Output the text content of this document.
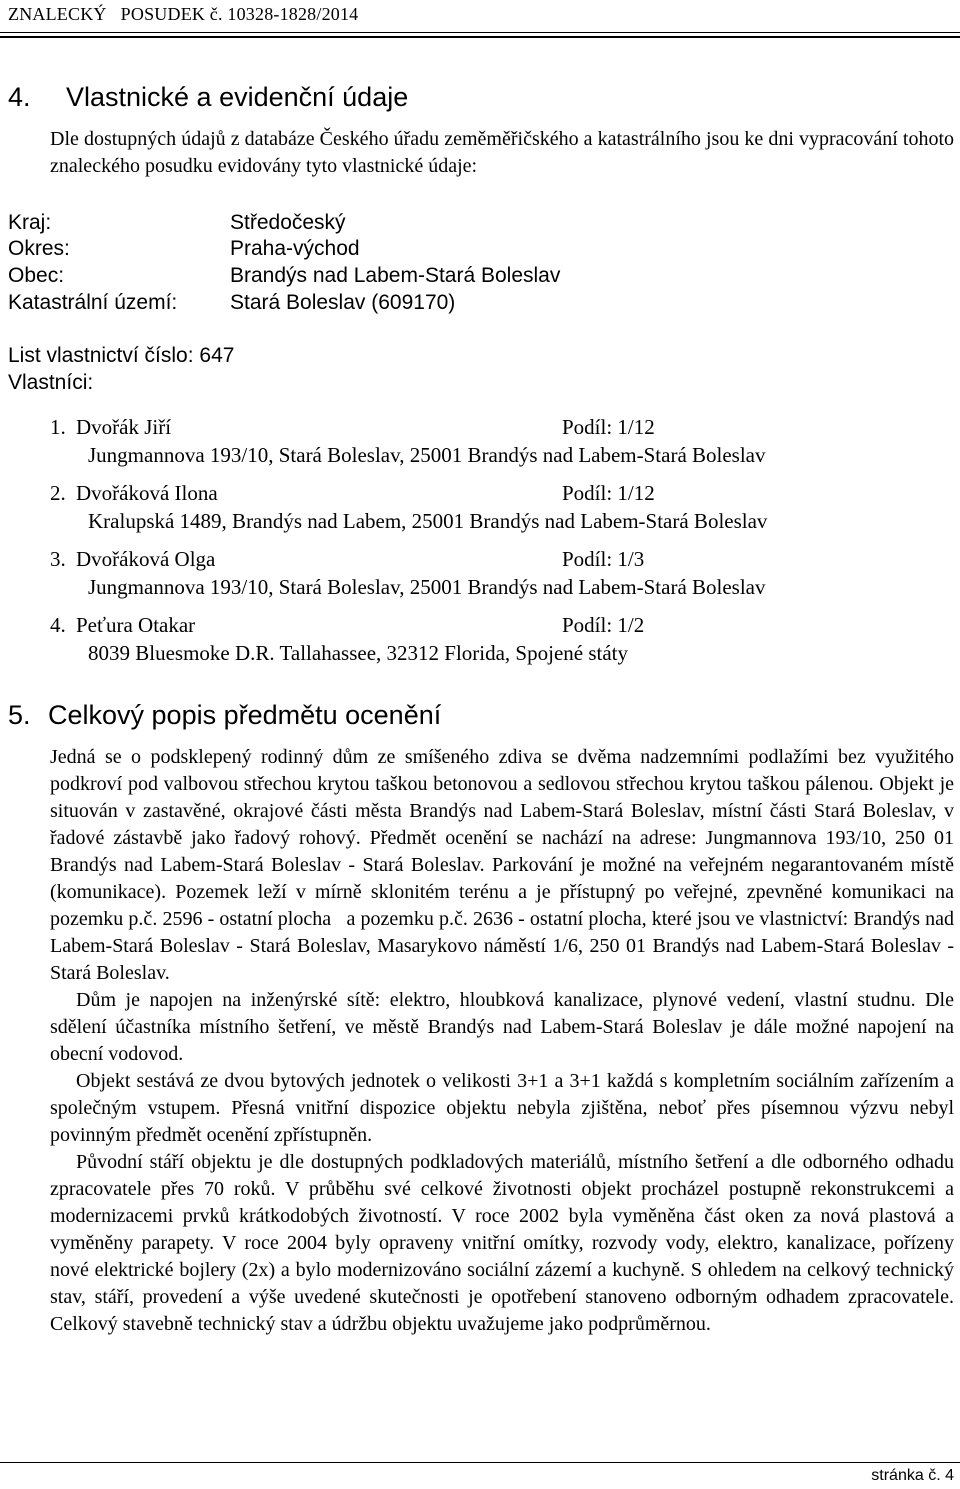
ZNALECKÝ   POSUDEK č. 10328-1828/2014
4. Vlastnické a evidenční údaje
Dle dostupných údajů z databáze Českého úřadu zeměměřičského a katastrálního jsou ke dni vypracování tohoto znaleckého posudku evidovány tyto vlastnické údaje:
Kraj:	Středočeský
Okres:	Praha-východ
Obec:	Brandýs nad Labem-Stará Boleslav
Katastrální území:	Stará Boleslav (609170)
List vlastnictví číslo: 647
Vlastníci:
1. Dvořák Jiří	Podíl: 1/12
Jungmannova 193/10, Stará Boleslav, 25001 Brandýs nad Labem-Stará Boleslav
2. Dvořáková Ilona	Podíl: 1/12
Kralupská 1489, Brandýs nad Labem, 25001 Brandýs nad Labem-Stará Boleslav
3. Dvořáková Olga	Podíl: 1/3
Jungmannova 193/10, Stará Boleslav, 25001 Brandýs nad Labem-Stará Boleslav
4. Peťura Otakar	Podíl: 1/2
8039 Bluesmoke D.R. Tallahassee, 32312 Florida, Spojené státy
5. Celkový popis předmětu ocenění

Jedná se o podsklepený rodinný dům ze smíšeného zdiva se dvěma nadzemními podlažími bez využitého podkroví pod valbovou střechou krytou taškou betonovou a sedlovou střechou krytou taškou pálenou. Objekt je situován v zastavěné, okrajové části města Brandýs nad Labem-Stará Boleslav, místní části Stará Boleslav, v řadové zástavbě jako řadový rohový. Předmět ocenění se nachází na adrese: Jungmannova 193/10, 250 01 Brandýs nad Labem-Stará Boleslav - Stará Boleslav. Parkování je možné na veřejném negarantovaném místě (komunikace). Pozemek leží v mírně sklonitém terénu a je přístupný po veřejné, zpevněné komunikaci na pozemku p.č. 2596 - ostatní plocha   a pozemku p.č. 2636 - ostatní plocha, které jsou ve vlastnictví: Brandýs nad Labem-Stará Boleslav - Stará Boleslav, Masarykovo náměstí 1/6, 250 01 Brandýs nad Labem-Stará Boleslav - Stará Boleslav.

Dům je napojen na inženýrské sítě: elektro, hloubková kanalizace, plynové vedení, vlastní studnu. Dle sdělení účastníka místního šetření, ve městě Brandýs nad Labem-Stará Boleslav je dále možné napojení na obecní vodovod.

Objekt sestává ze dvou bytových jednotek o velikosti 3+1 a 3+1 každá s kompletním sociálním zařízením a společným vstupem. Přesná vnitřní dispozice objektu nebyla zjištěna, neboť přes písemnou výzvu nebyl povinným předmět ocenění zpřístupněn.

Původní stáří objektu je dle dostupných podkladových materiálů, místního šetření a dle odborného odhadu zpracovatele přes 70 roků. V průběhu své celkové životnosti objekt procházel postupně rekonstrukcemi a modernizacemi prvků krátkodobých životností. V roce 2002 byla vyměněna část oken za nová plastová a vyměněny parapety. V roce 2004 byly opraveny vnitřní omítky, rozvody vody, elektro, kanalizace, pořízeny nové elektrické bojlery (2x) a bylo modernizováno sociální zázemí a kuchyně. S ohledem na celkový technický stav, stáří, provedení a výše uvedené skutečnosti je opotřebení stanoveno odborným odhadem zpracovatele. Celkový stavebně technický stav a údržbu objektu uvažujeme jako podprůměrnou.

stránka č. 4
